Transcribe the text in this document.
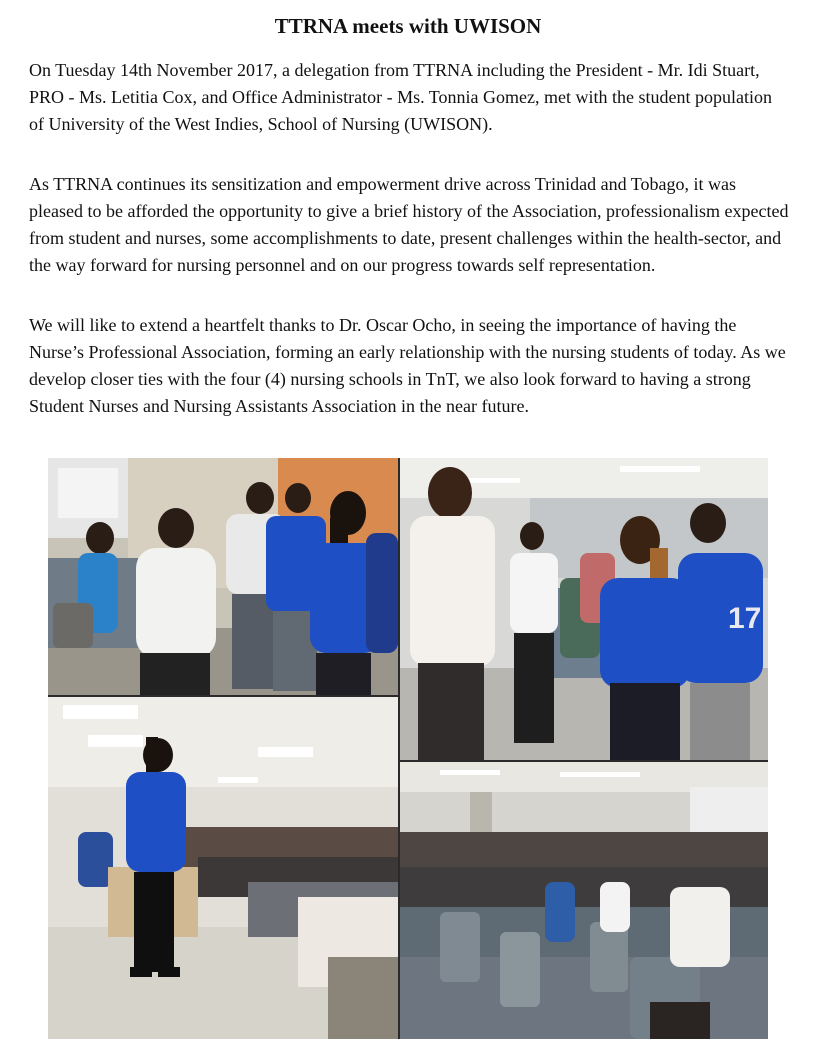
TTRNA meets with UWISON

On Tuesday 14th November 2017, a delegation from TTRNA including the President - Mr. Idi Stuart, PRO - Ms. Letitia Cox, and Office Administrator - Ms. Tonnia Gomez, met with the student population of University of the West Indies, School of Nursing (UWISON).

As TTRNA continues its sensitization and empowerment drive across Trinidad and Tobago, it was pleased to be afforded the opportunity to give a brief history of the Association, professionalism expected from student and nurses, some accomplishments to date, present challenges within the health-sector, and the way forward for nursing personnel and on our progress towards self representation.

We will like to extend a heartfelt thanks to Dr. Oscar Ocho, in seeing the importance of having the Nurse’s Professional Association, forming an early relationship with the nursing students of today. As we develop closer ties with the four (4) nursing schools in TnT, we also look forward to having a strong Student Nurses and Nursing Assistants Association in the near future.

17
